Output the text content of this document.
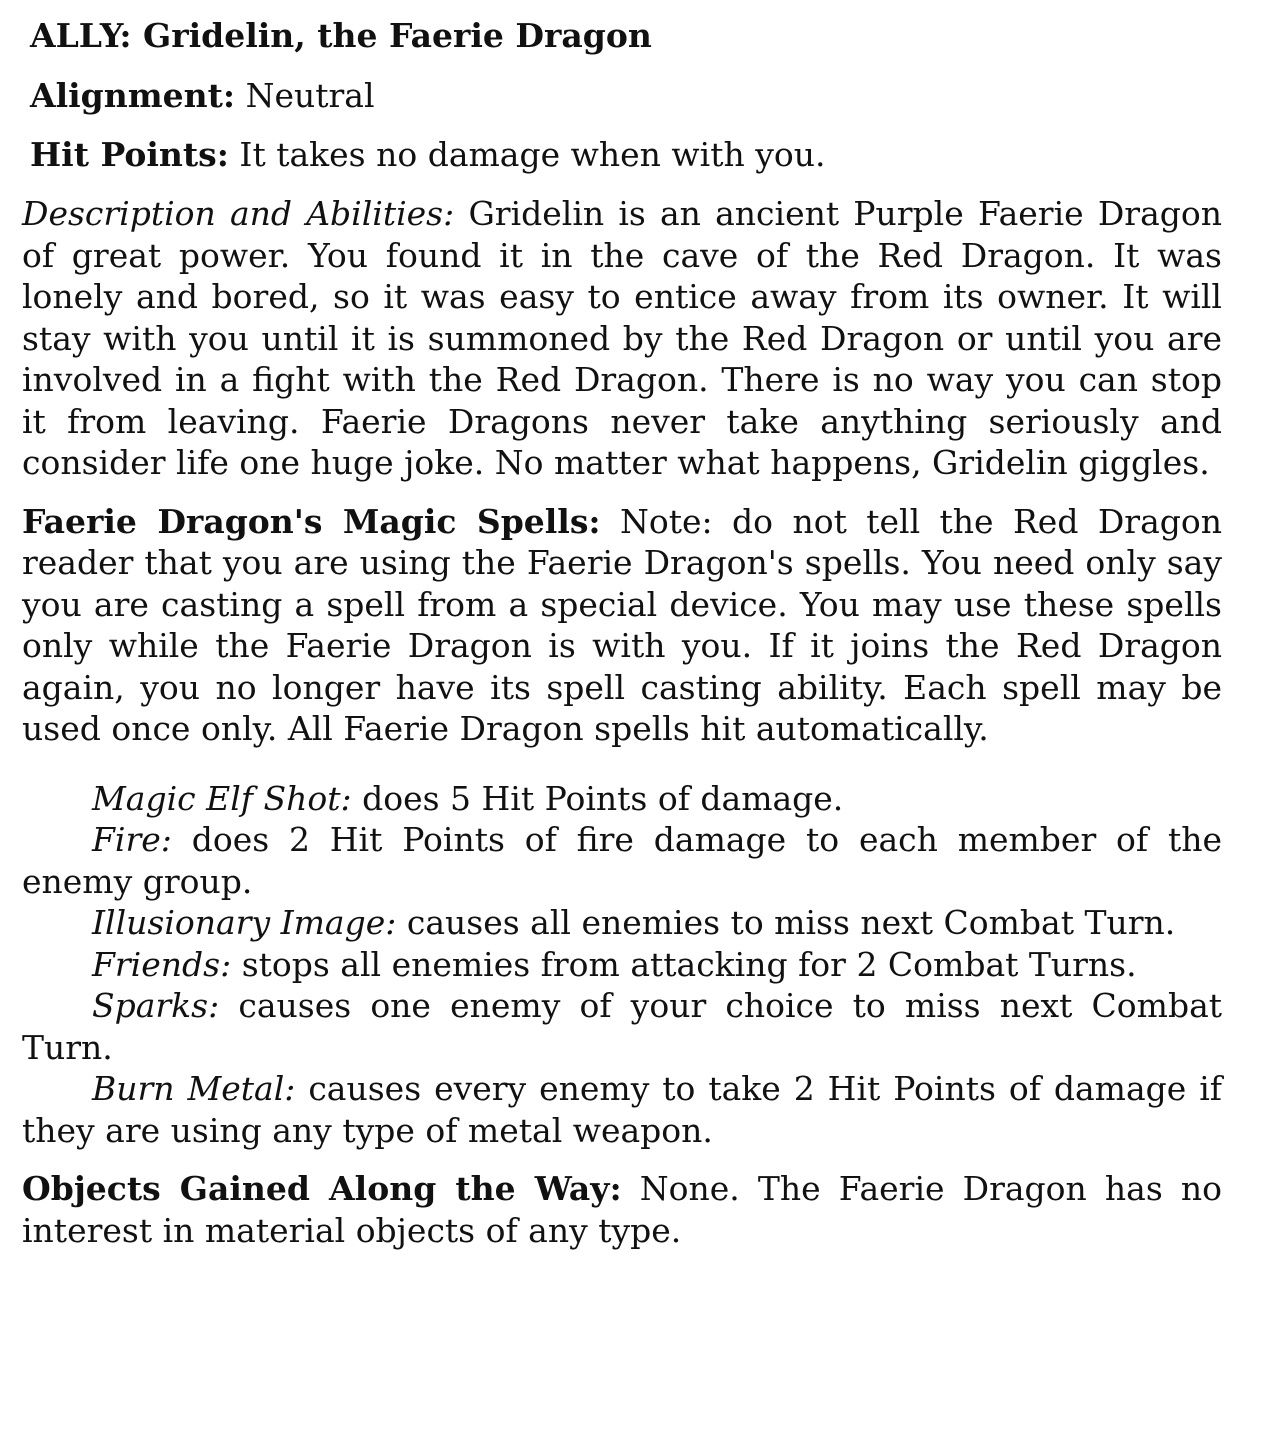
ALLY: Gridelin, the Faerie Dragon

Alignment: Neutral

Hit Points: It takes no damage when with you.

Description and Abilities: Gridelin is an ancient Purple Faerie Dragon of great power. You found it in the cave of the Red Dragon. It was lonely and bored, so it was easy to entice away from its owner. It will stay with you until it is summoned by the Red Dragon or until you are involved in a fight with the Red Dragon. There is no way you can stop it from leaving. Faerie Dragons never take anything seriously and consider life one huge joke. No matter what happens, Gridelin giggles.

Faerie Dragon's Magic Spells: Note: do not tell the Red Dragon reader that you are using the Faerie Dragon's spells. You need only say you are casting a spell from a special device. You may use these spells only while the Faerie Dragon is with you. If it joins the Red Dragon again, you no longer have its spell casting ability. Each spell may be used once only. All Faerie Dragon spells hit automatically.

Magic Elf Shot: does 5 Hit Points of damage.

Fire: does 2 Hit Points of fire damage to each member of the enemy group.

Illusionary Image: causes all enemies to miss next Combat Turn.

Friends: stops all enemies from attacking for 2 Combat Turns.

Sparks: causes one enemy of your choice to miss next Combat Turn.

Burn Metal: causes every enemy to take 2 Hit Points of damage if they are using any type of metal weapon.

Objects Gained Along the Way: None. The Faerie Dragon has no interest in material objects of any type.
